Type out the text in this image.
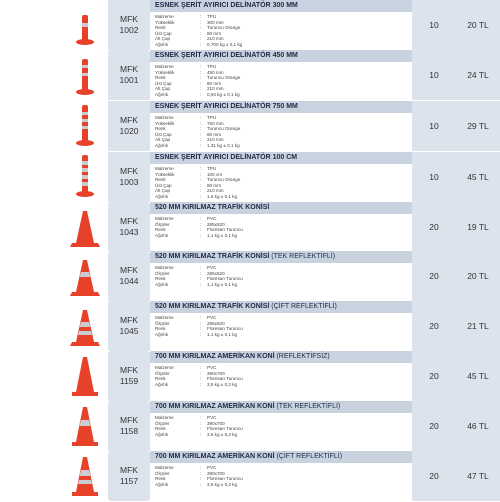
MFK
1002
ESNEK ŞERİT AYIRICI DELİNATÖR 300 MM
Malzeme	: TPU
Yükseklik	: 300 mm
Renk	: Turuncu Orange
Üst Çap	: 80 mm
Alt Çap	: 210 mm
Ağırlık	: 0,700 kg ± 0,1 kg
10	20 TL
MFK
1001
ESNEK ŞERİT AYIRICI DELİNATÖR 450 MM
Malzeme	: TPU
Yükseklik	: 450 mm
Renk	: Turuncu Orange
Üst Çap	: 80 mm
Alt Çap	: 210 mm
Ağırlık	: 0,94 kg ± 0,1 kg
10	24 TL
MFK
1020
ESNEK ŞERİT AYIRICI DELİNATÖR 750 MM
Malzeme	: TPU
Yükseklik	: 750 mm
Renk	: Turuncu Orange
Üst Çap	: 80 mm
Alt Çap	: 210 mm
Ağırlık	: 1,31 kg ± 0,1 kg
10	29 TL
MFK
1003
ESNEK ŞERİT AYIRICI DELİNATÖR 100 CM
Malzeme	: TPU
Yükseklik	: 100 cm
Renk	: Turuncu Orange
Üst Çap	: 80 mm
Alt Çap	: 210 mm
Ağırlık	: 1,6 kg ± 0,1 kg
10	45 TL
MFK
1043
520 MM KIRILMAZ TRAFİK KONİSİ
Malzeme	: PVC
Ölçüler	: 285x520
Renk	: Floresan Turuncu
Ağırlık	: 1,1 kg ± 0,1 kg
20	19 TL
MFK
1044
520 MM KIRILMAZ TRAFİK KONİSİ (TEK REFLEKTİFLİ)
Malzeme	: PVC
Ölçüler	: 285x520
Renk	: Floresan Turuncu
Ağırlık	: 1,1 kg ± 0,1 kg
20	20 TL
MFK
1045
520 MM KIRILMAZ TRAFİK KONİSİ (ÇİFT REFLEKTİFLİ)
Malzeme	: PVC
Ölçüler	: 285x520
Renk	: Floresan Turuncu
Ağırlık	: 1,1 kg ± 0,1 kg
20	21 TL
MFK
1159
700 MM KIRILMAZ AMERİKAN KONİ (REFLEKTİFSİZ)
Malzeme	: PVC
Ölçüler	: 390x700
Renk	: Floresan Turuncu
Ağırlık	: 3,5 kg ± 0,2 kg
20	45 TL
MFK
1158
700 MM KIRILMAZ AMERİKAN KONİ (TEK REFLEKTİFLİ)
Malzeme	: PVC
Ölçüler	: 390x700
Renk	: Floresan Turuncu
Ağırlık	: 3,5 kg ± 0,2 kg
20	46 TL
MFK
1157
700 MM KIRILMAZ AMERİKAN KONİ (ÇİFT REFLEKTİFLİ)
Malzeme	: PVC
Ölçüler	: 390x700
Renk	: Floresan Turuncu
Ağırlık	: 3,5 kg ± 0,2 kg
20	47 TL
